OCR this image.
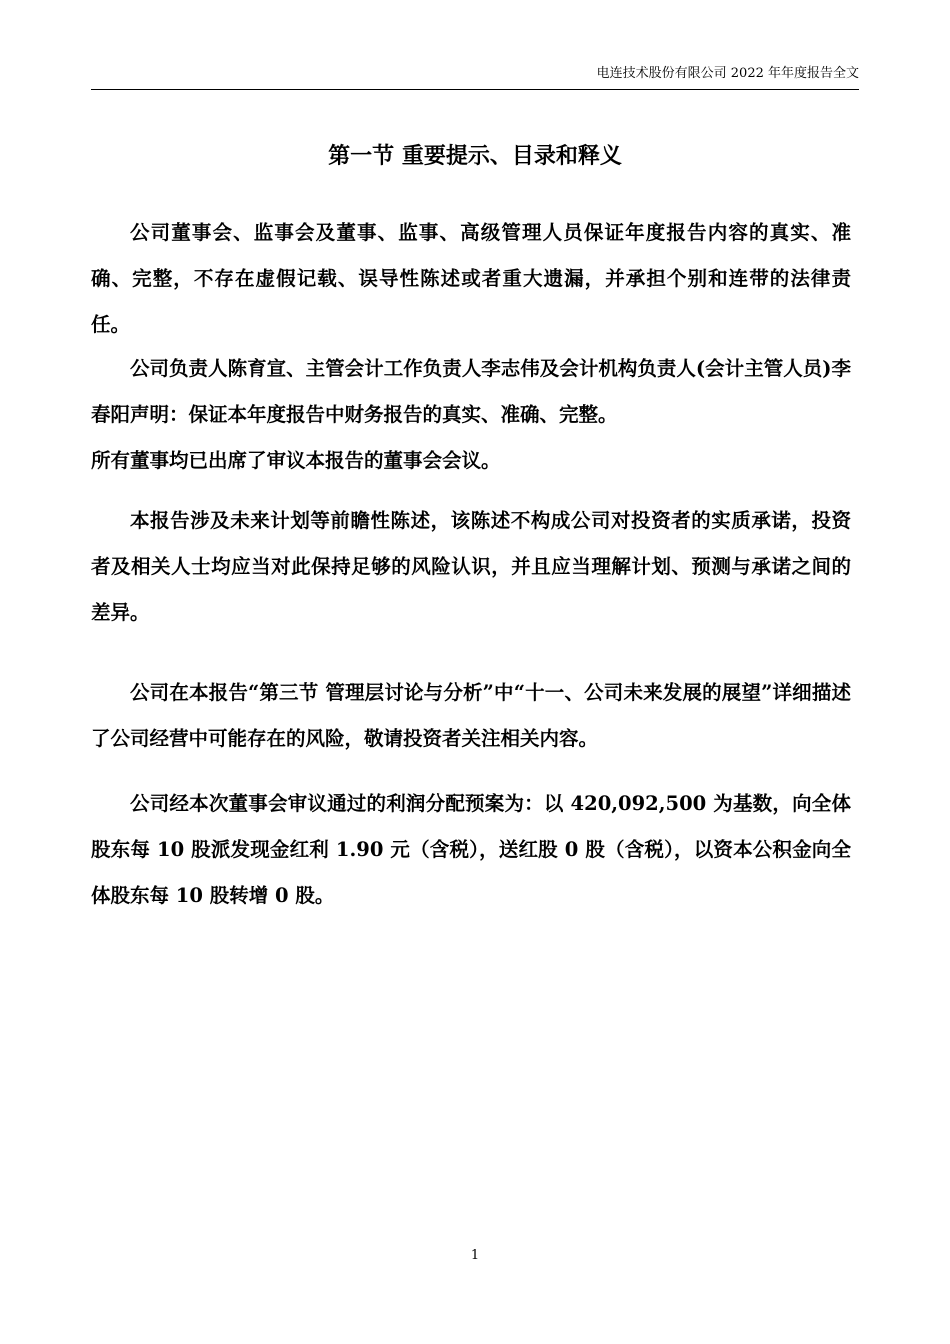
电连技术股份有限公司 2022 年年度报告全文
第一节 重要提示、目录和释义

公司董事会、监事会及董事、监事、高级管理人员保证年度报告内容的真实、准确、完整，不存在虚假记载、误导性陈述或者重大遗漏，并承担个别和连带的法律责任。

公司负责人陈育宣、主管会计工作负责人李志伟及会计机构负责人(会计主管人员)李春阳声明：保证本年度报告中财务报告的真实、准确、完整。

所有董事均已出席了审议本报告的董事会会议。

本报告涉及未来计划等前瞻性陈述，该陈述不构成公司对投资者的实质承诺，投资者及相关人士均应当对此保持足够的风险认识，并且应当理解计划、预测与承诺之间的差异。

公司在本报告“第三节 管理层讨论与分析”中“十一、公司未来发展的展望”详细描述了公司经营中可能存在的风险，敬请投资者关注相关内容。

公司经本次董事会审议通过的利润分配预案为：以 420,092,500 为基数，向全体股东每 10 股派发现金红利 1.90 元（含税），送红股 0 股（含税），以资本公积金向全体股东每 10 股转增 0 股。

1
